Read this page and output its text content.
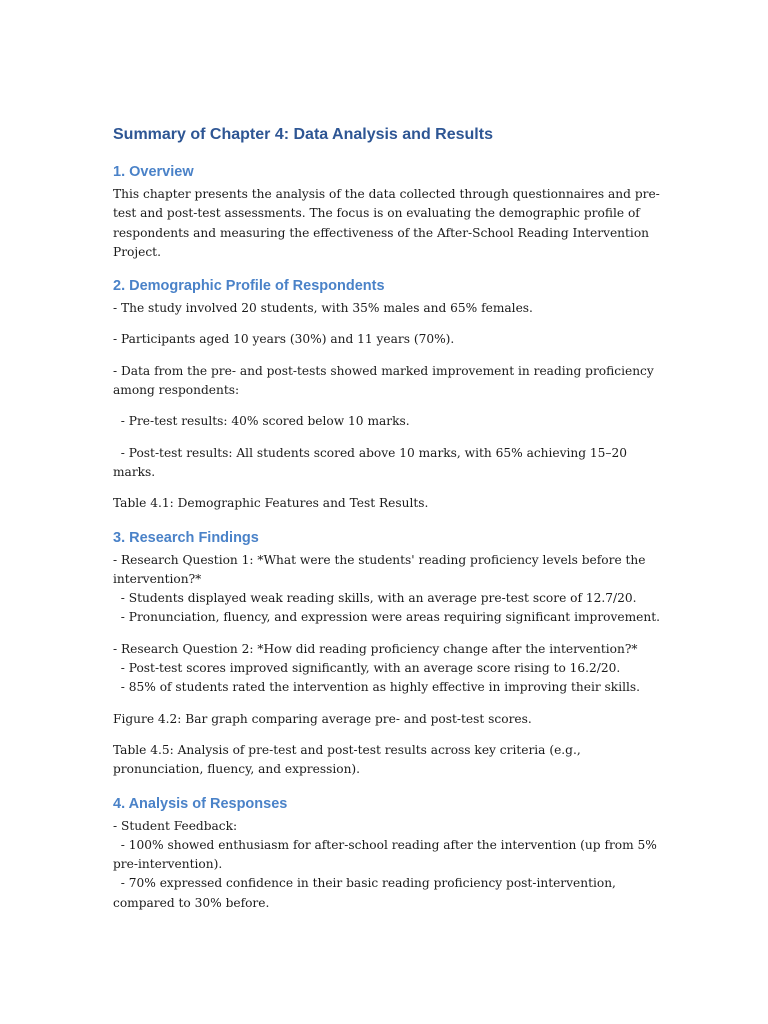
Summary of Chapter 4: Data Analysis and Results
1. Overview

This chapter presents the analysis of the data collected through questionnaires and pre-test and post-test assessments. The focus is on evaluating the demographic profile of respondents and measuring the effectiveness of the After-School Reading Intervention Project.

2. Demographic Profile of Respondents

- The study involved 20 students, with 35% males and 65% females.

- Participants aged 10 years (30%) and 11 years (70%).

- Data from the pre- and post-tests showed marked improvement in reading proficiency among respondents:

- Pre-test results: 40% scored below 10 marks.

- Post-test results: All students scored above 10 marks, with 65% achieving 15–20 marks.

Table 4.1: Demographic Features and Test Results.

3. Research Findings

- Research Question 1: *What were the students' reading proficiency levels before the intervention?*
- Students displayed weak reading skills, with an average pre-test score of 12.7/20.
- Pronunciation, fluency, and expression were areas requiring significant improvement.

- Research Question 2: *How did reading proficiency change after the intervention?*
- Post-test scores improved significantly, with an average score rising to 16.2/20.
- 85% of students rated the intervention as highly effective in improving their skills.

Figure 4.2: Bar graph comparing average pre- and post-test scores.

Table 4.5: Analysis of pre-test and post-test results across key criteria (e.g., pronunciation, fluency, and expression).

4. Analysis of Responses

- Student Feedback:
- 100% showed enthusiasm for after-school reading after the intervention (up from 5% pre-intervention).
- 70% expressed confidence in their basic reading proficiency post-intervention, compared to 30% before.
